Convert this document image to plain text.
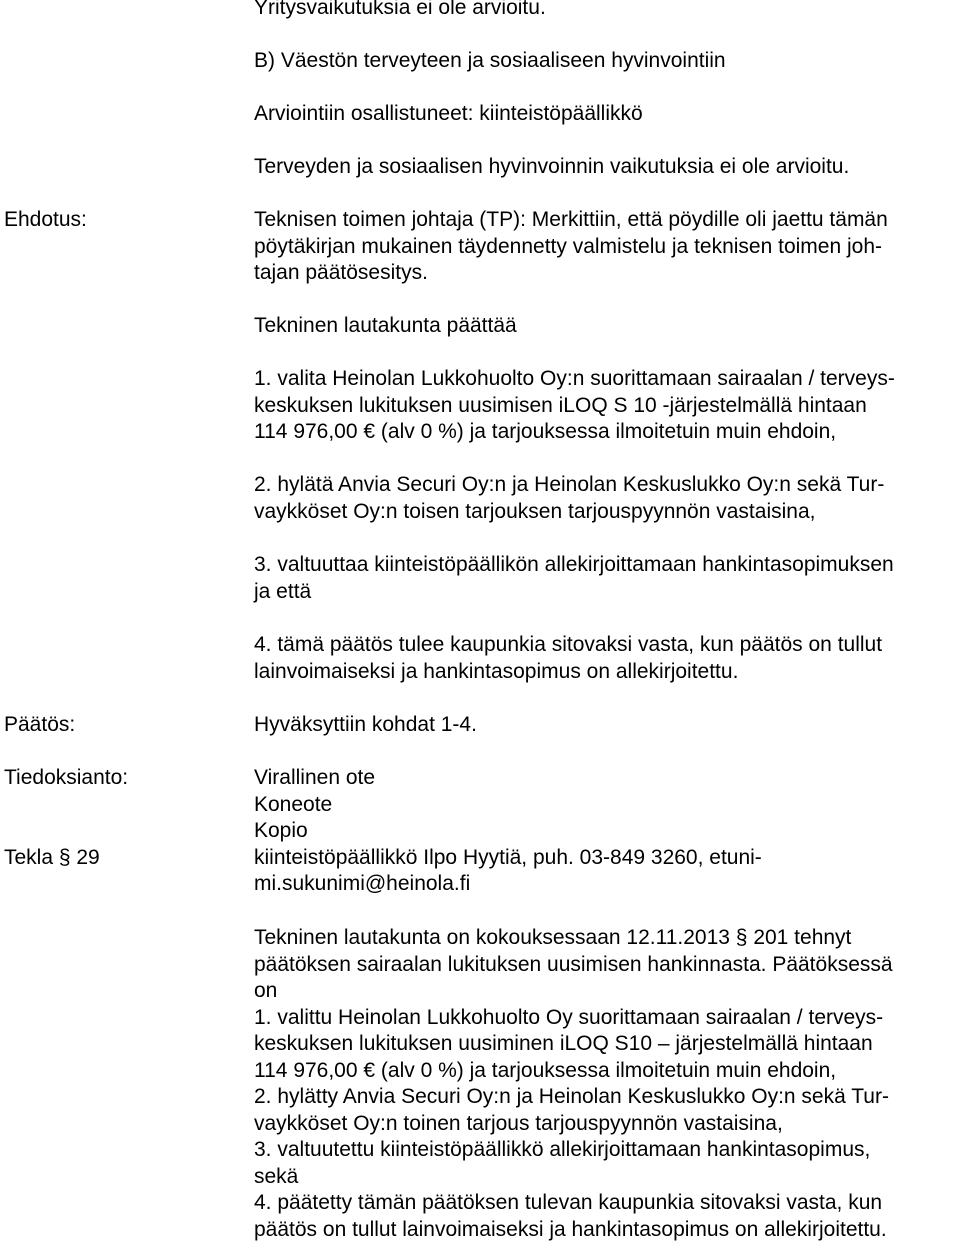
Yritysvaikutuksia ei ole arvioitu.
B) Väestön terveyteen ja sosiaaliseen hyvinvointiin
Arviointiin osallistuneet: kiinteistöpäällikkö
Terveyden ja sosiaalisen hyvinvoinnin vaikutuksia ei ole arvioitu.
Ehdotus:	Teknisen toimen johtaja (TP): Merkittiin, että pöydille oli jaettu tämän
pöytäkirjan mukainen täydennetty valmistelu ja teknisen toimen joh-
tajan päätösesitys.
Tekninen lautakunta päättää
1. valita Heinolan Lukkohuolto Oy:n suorittamaan sairaalan / terveys-
keskuksen lukituksen uusimisen iLOQ S 10 -järjestelmällä hintaan
114 976,00 € (alv 0 %) ja tarjouksessa ilmoitetuin muin ehdoin,
2. hylätä Anvia Securi Oy:n ja Heinolan Keskuslukko Oy:n sekä Tur-
vaykköset Oy:n toisen tarjouksen tarjouspyynnön vastaisina,
3. valtuuttaa kiinteistöpäällikön allekirjoittamaan hankintasopimuksen
ja että
4. tämä päätös tulee kaupunkia sitovaksi vasta, kun päätös on tullut
lainvoimaiseksi ja hankintasopimus on allekirjoitettu.
Päätös:	Hyväksyttiin kohdat 1-4.
Tiedoksianto:	Virallinen ote
Koneote
Kopio
Tekla § 29	kiinteistöpäällikkö Ilpo Hyytiä, puh. 03-849 3260, etuni-
mi.sukunimi@heinola.fi
Tekninen lautakunta on kokouksessaan 12.11.2013 § 201 tehnyt
päätöksen sairaalan lukituksen uusimisen hankinnasta. Päätöksessä
on
1. valittu Heinolan Lukkohuolto Oy suorittamaan sairaalan / terveys-
keskuksen lukituksen uusiminen iLOQ S10 – järjestelmällä hintaan
114 976,00 € (alv 0 %) ja tarjouksessa ilmoitetuin muin ehdoin,
2. hylätty Anvia Securi Oy:n ja Heinolan Keskuslukko Oy:n sekä Tur-
vaykköset Oy:n toinen tarjous tarjouspyynnön vastaisina,
3. valtuutettu kiinteistöpäällikkö allekirjoittamaan hankintasopimus,
sekä
4. päätetty tämän päätöksen tulevan kaupunkia sitovaksi vasta, kun
päätös on tullut lainvoimaiseksi ja hankintasopimus on allekirjoitettu.
